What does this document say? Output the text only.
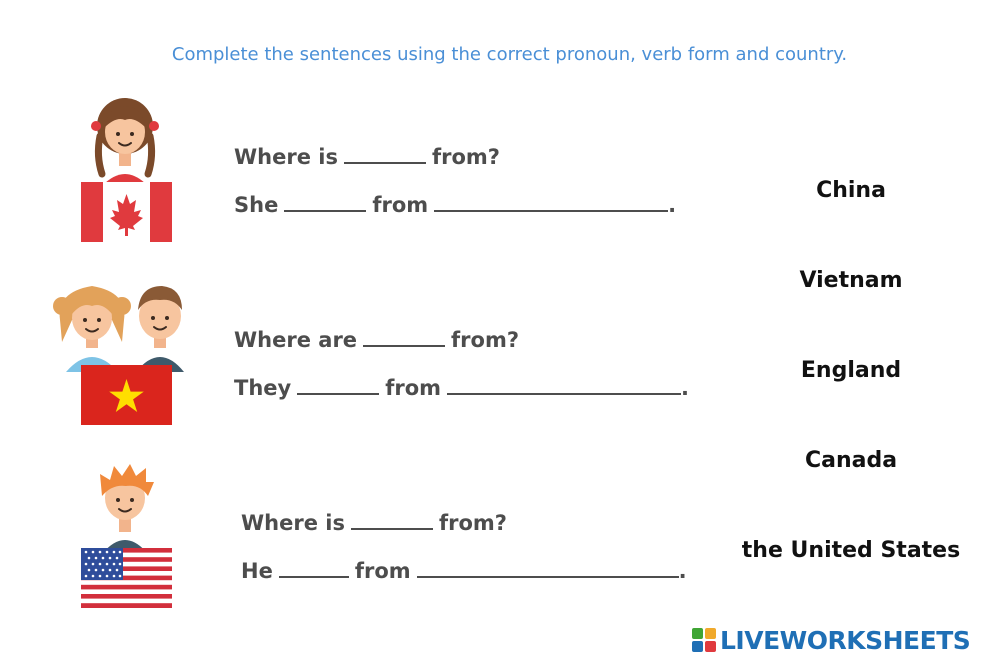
Complete the sentences using the correct pronoun, verb form and country.
Where is	from?
She	from	.
Where are	from?
They	from	.
Where is	from?
He	from	.
China
Vietnam
England
Canada
the United States
LIVEWORKSHEETS
